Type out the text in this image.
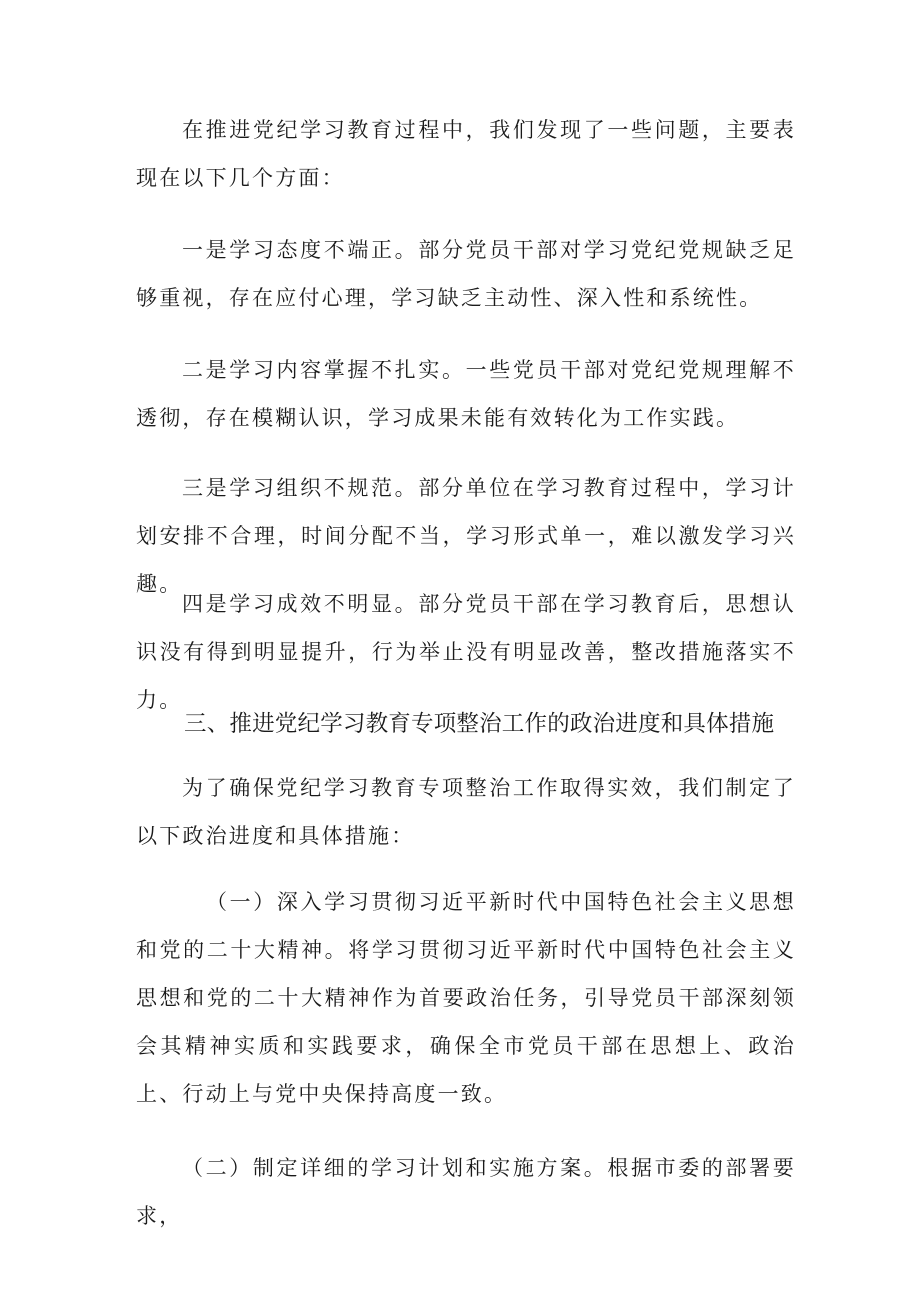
在推进党纪学习教育过程中，我们发现了一些问题，主要表现在以下几个方面：

一是学习态度不端正。部分党员干部对学习党纪党规缺乏足够重视，存在应付心理，学习缺乏主动性、深入性和系统性。

二是学习内容掌握不扎实。一些党员干部对党纪党规理解不透彻，存在模糊认识，学习成果未能有效转化为工作实践。

三是学习组织不规范。部分单位在学习教育过程中，学习计划安排不合理，时间分配不当，学习形式单一，难以激发学习兴趣。

四是学习成效不明显。部分党员干部在学习教育后，思想认识没有得到明显提升，行为举止没有明显改善，整改措施落实不力。

三、推进党纪学习教育专项整治工作的政治进度和具体措施

为了确保党纪学习教育专项整治工作取得实效，我们制定了以下政治进度和具体措施：

（一）深入学习贯彻习近平新时代中国特色社会主义思想和党的二十大精神。将学习贯彻习近平新时代中国特色社会主义思想和党的二十大精神作为首要政治任务，引导党员干部深刻领会其精神实质和实践要求，确保全市党员干部在思想上、政治上、行动上与党中央保持高度一致。

（二）制定详细的学习计划和实施方案。根据市委的部署要求，
